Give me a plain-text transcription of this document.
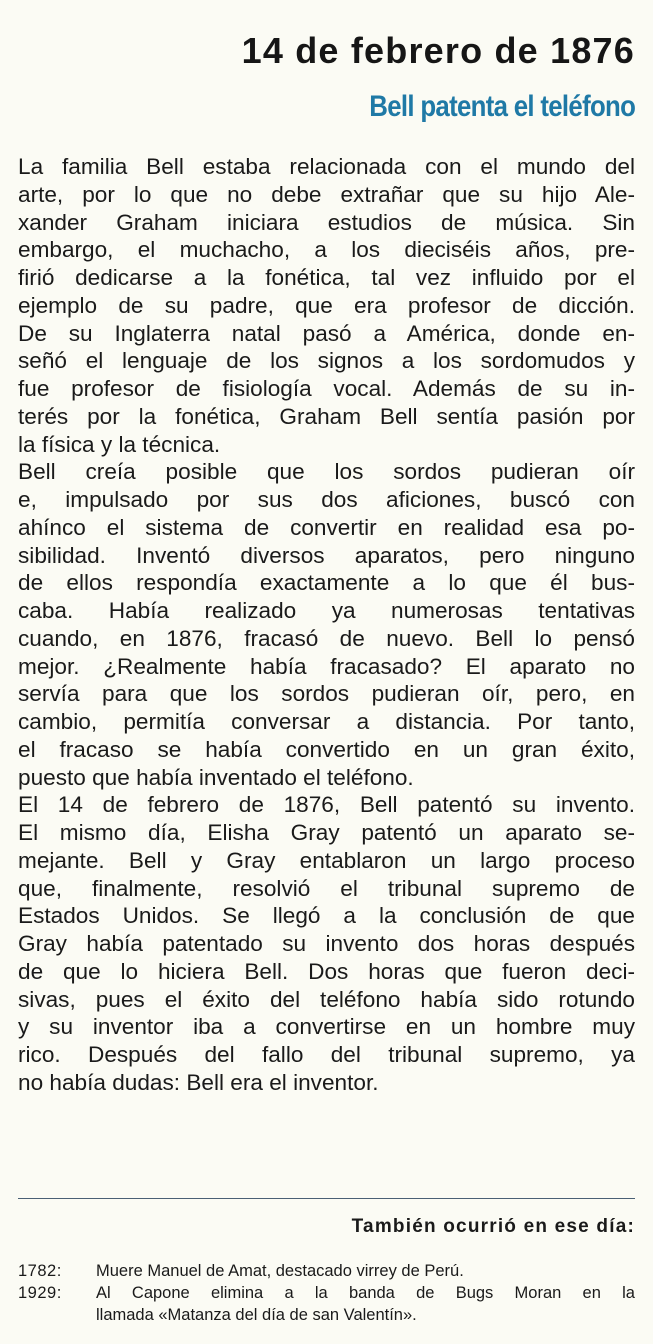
14 de febrero de 1876
Bell patenta el teléfono
La familia Bell estaba relacionada con el mundo del
arte, por lo que no debe extrañar que su hijo Ale-
xander Graham iniciara estudios de música. Sin
embargo, el muchacho, a los dieciséis años, pre-
firió dedicarse a la fonética, tal vez influido por el
ejemplo de su padre, que era profesor de dicción.
De su Inglaterra natal pasó a América, donde en-
señó el lenguaje de los signos a los sordomudos y
fue profesor de fisiología vocal. Además de su in-
terés por la fonética, Graham Bell sentía pasión por
la física y la técnica.
Bell creía posible que los sordos pudieran oír
e, impulsado por sus dos aficiones, buscó con
ahínco el sistema de convertir en realidad esa po-
sibilidad. Inventó diversos aparatos, pero ninguno
de ellos respondía exactamente a lo que él bus-
caba. Había realizado ya numerosas tentativas
cuando, en 1876, fracasó de nuevo. Bell lo pensó
mejor. ¿Realmente había fracasado? El aparato no
servía para que los sordos pudieran oír, pero, en
cambio, permitía conversar a distancia. Por tanto,
el fracaso se había convertido en un gran éxito,
puesto que había inventado el teléfono.
El 14 de febrero de 1876, Bell patentó su invento.
El mismo día, Elisha Gray patentó un aparato se-
mejante. Bell y Gray entablaron un largo proceso
que, finalmente, resolvió el tribunal supremo de
Estados Unidos. Se llegó a la conclusión de que
Gray había patentado su invento dos horas después
de que lo hiciera Bell. Dos horas que fueron deci-
sivas, pues el éxito del teléfono había sido rotundo
y su inventor iba a convertirse en un hombre muy
rico. Después del fallo del tribunal supremo, ya
no había dudas: Bell era el inventor.
También ocurrió en ese día:
1782:	Muere Manuel de Amat, destacado virrey de Perú.
1929:	Al Capone elimina a la banda de Bugs Moran en la
llamada «Matanza del día de san Valentín».
